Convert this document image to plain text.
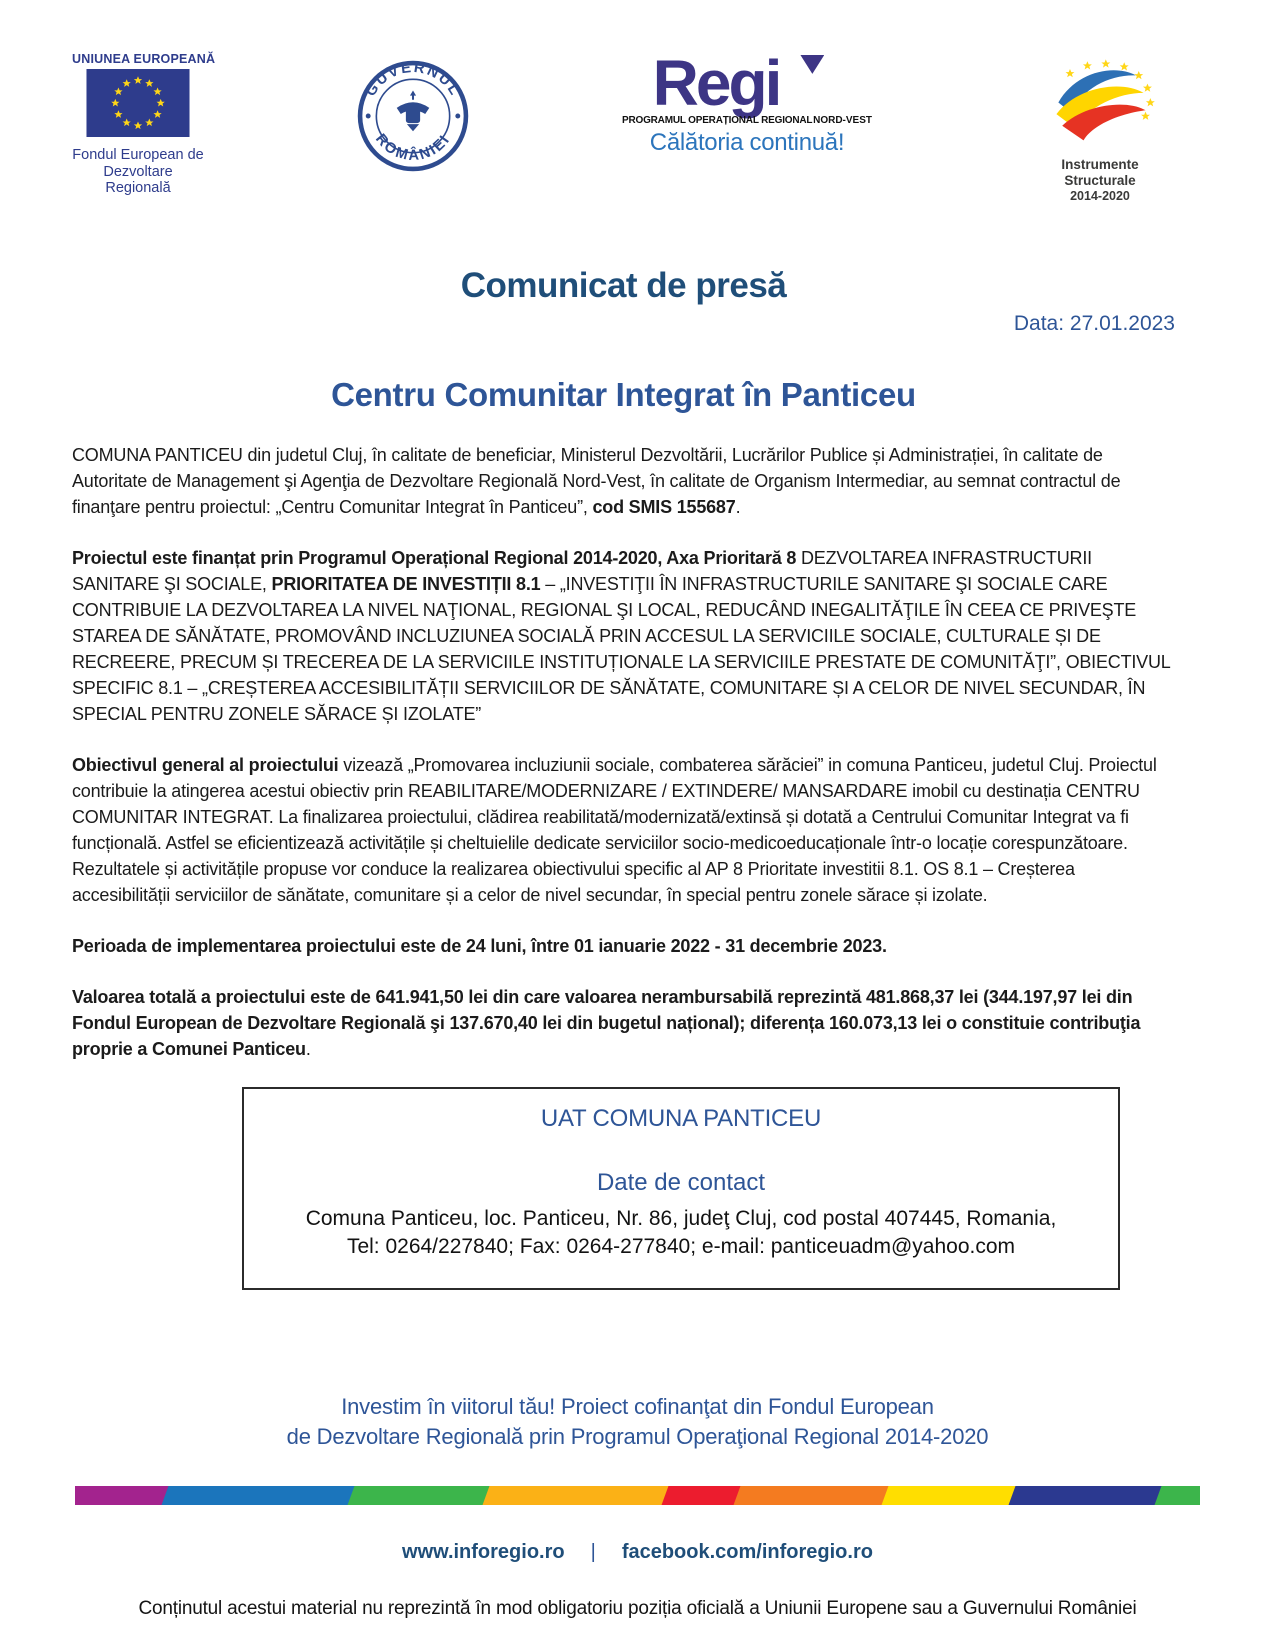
UNIUNEA EUROPEANĂ
Fondul European de
Dezvoltare Regională
GUVERNUL
ROMÂNIEI
Regi
PROGRAMUL OPERAȚIONAL REGIONAL NORD-VEST
Călătoria continuă!
Instrumente Structurale
2014-2020
Comunicat de presă
Data: 27.01.2023
Centru Comunitar Integrat în Panticeu

COMUNA PANTICEU din judetul Cluj, în calitate de beneficiar, Ministerul Dezvoltării, Lucrărilor Publice și Administrației, în calitate de Autoritate de Management şi Agenţia de Dezvoltare Regională Nord-Vest, în calitate de Organism Intermediar, au semnat contractul de finanţare pentru proiectul: „Centru Comunitar Integrat în Panticeu”, cod SMIS 155687.

Proiectul este finanțat prin Programul Operațional Regional 2014-2020, Axa Prioritară 8 DEZVOLTAREA INFRASTRUCTURII SANITARE ŞI SOCIALE, PRIORITATEA DE INVESTIȚII 8.1 – „INVESTIŢII ÎN INFRASTRUCTURILE SANITARE ŞI SOCIALE CARE CONTRIBUIE LA DEZVOLTAREA LA NIVEL NAŢIONAL, REGIONAL ŞI LOCAL, REDUCÂND INEGALITĂŢILE ÎN CEEA CE PRIVEŞTE STAREA DE SĂNĂTATE, PROMOVÂND INCLUZIUNEA SOCIALĂ PRIN ACCESUL LA SERVICIILE SOCIALE, CULTURALE ȘI DE RECREERE, PRECUM ȘI TRECEREA DE LA SERVICIILE INSTITUȚIONALE LA SERVICIILE PRESTATE DE COMUNITĂŢI”, OBIECTIVUL SPECIFIC 8.1 – „CREȘTEREA ACCESIBILITĂȚII SERVICIILOR DE SĂNĂTATE, COMUNITARE ȘI A CELOR DE NIVEL SECUNDAR, ÎN SPECIAL PENTRU ZONELE SĂRACE ȘI IZOLATE”

Obiectivul general al proiectului vizează „Promovarea incluziunii sociale, combaterea sărăciei” in comuna Panticeu, judetul Cluj. Proiectul contribuie la atingerea acestui obiectiv prin REABILITARE/MODERNIZARE / EXTINDERE/ MANSARDARE imobil cu destinația CENTRU COMUNITAR INTEGRAT. La finalizarea proiectului, clădirea reabilitată/modernizată/extinsă și dotată a Centrului Comunitar Integrat va fi funcțională. Astfel se eficientizează activitățile și cheltuielile dedicate serviciilor socio-medicoeducaționale într-o locație corespunzătoare. Rezultatele și activitățile propuse vor conduce la realizarea obiectivului specific al AP 8 Prioritate investitii 8.1. OS 8.1 – Creșterea accesibilității serviciilor de sănătate, comunitare și a celor de nivel secundar, în special pentru zonele sărace și izolate.

Perioada de implementarea proiectului este de 24 luni, între 01 ianuarie 2022 - 31 decembrie 2023.

Valoarea totală a proiectului este de 641.941,50 lei din care valoarea nerambursabilă reprezintă 481.868,37 lei (344.197,97 lei din Fondul European de Dezvoltare Regională şi 137.670,40 lei din bugetul național); diferența 160.073,13 lei o constituie contribuţia proprie a Comunei Panticeu.

UAT COMUNA PANTICEU
Date de contact
Comuna Panticeu, loc. Panticeu, Nr. 86, judeţ Cluj, cod postal 407445, Romania,
Tel: 0264/227840; Fax: 0264-277840; e-mail: panticeuadm@yahoo.com
Investim în viitorul tău! Proiect cofinanţat din Fondul European
de Dezvoltare Regională prin Programul Operaţional Regional 2014-2020
www.inforegio.ro | facebook.com/inforegio.ro
Conținutul acestui material nu reprezintă în mod obligatoriu poziția oficială a Uniunii Europene sau a Guvernului României
